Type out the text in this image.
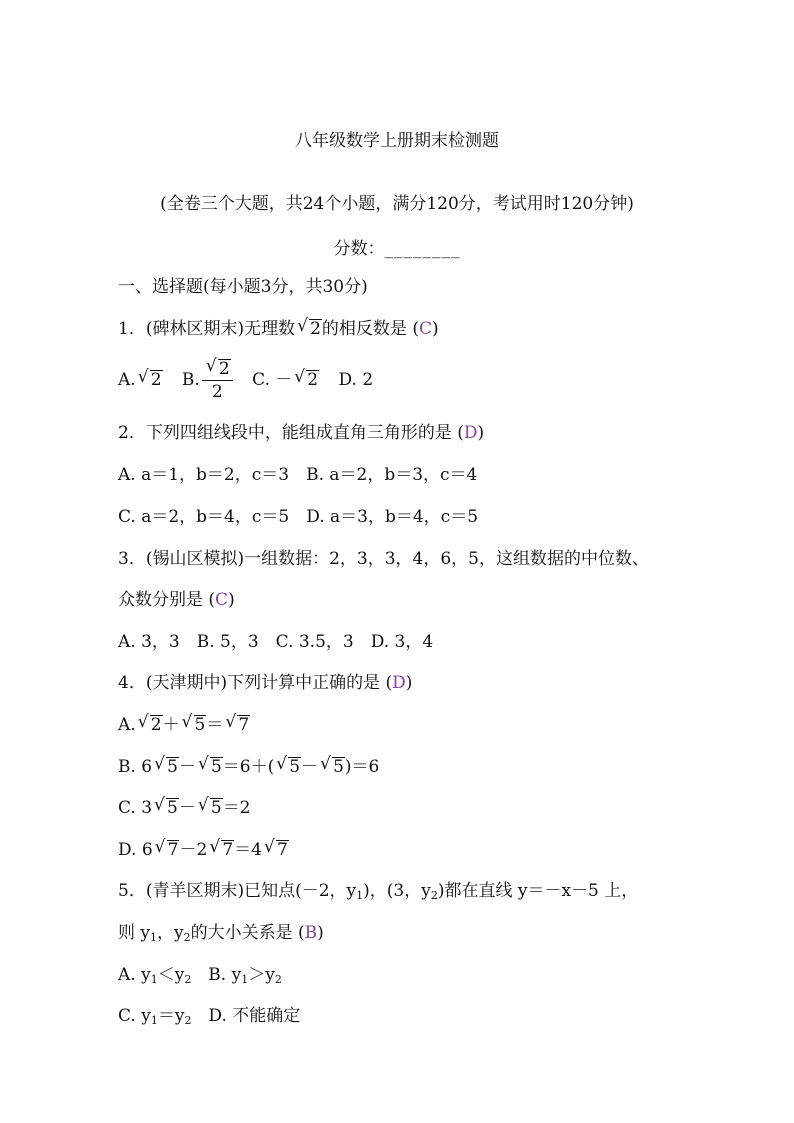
八年级数学上册期末检测题
(全卷三个大题，共24个小题，满分120分，考试用时120分钟)
分数：________
一、选择题(每小题3分，共30分)
1．(碑林区期末)无理数 √ 2的相反数是 (C)
A. √ 2 B. $\frac{√ 2}{2} C$. － √ 2 D. 2
2．下列四组线段中，能组成直角三角形的是 (D)
A. a＝1，b＝2，c＝3　B. a＝2，b＝3，c＝4
C. a＝2，b＝4，c＝5　D. a＝3，b＝4，c＝5
3．(锡山区模拟)一组数据：2，3，3，4，6，5，这组数据的中位数、
众数分别是 (C)
A. 3，3　B. 5，3　C. 3.5，3　D. 3，4
4．(天津期中)下列计算中正确的是 (D)
A. √ 2＋ √ 5＝ √ 7
B. 6 √ 5－ √ 5＝6＋( √ 5－ √ 5)＝6
C. 3 √ 5－ √ 5＝2
D. 6 √ 7－2 √ 7＝4 √ 7
5．(青羊区期末)已知点(－2，$y_1$)，(3，$y_2$)都在直线 y＝－x－5 上，
则 $y_1$，$y_2$的大小关系是 (B)
A. $y_1<y_2$　B. $y_1>y_2$
C. $y_1=y_2$　D. 不能确定
